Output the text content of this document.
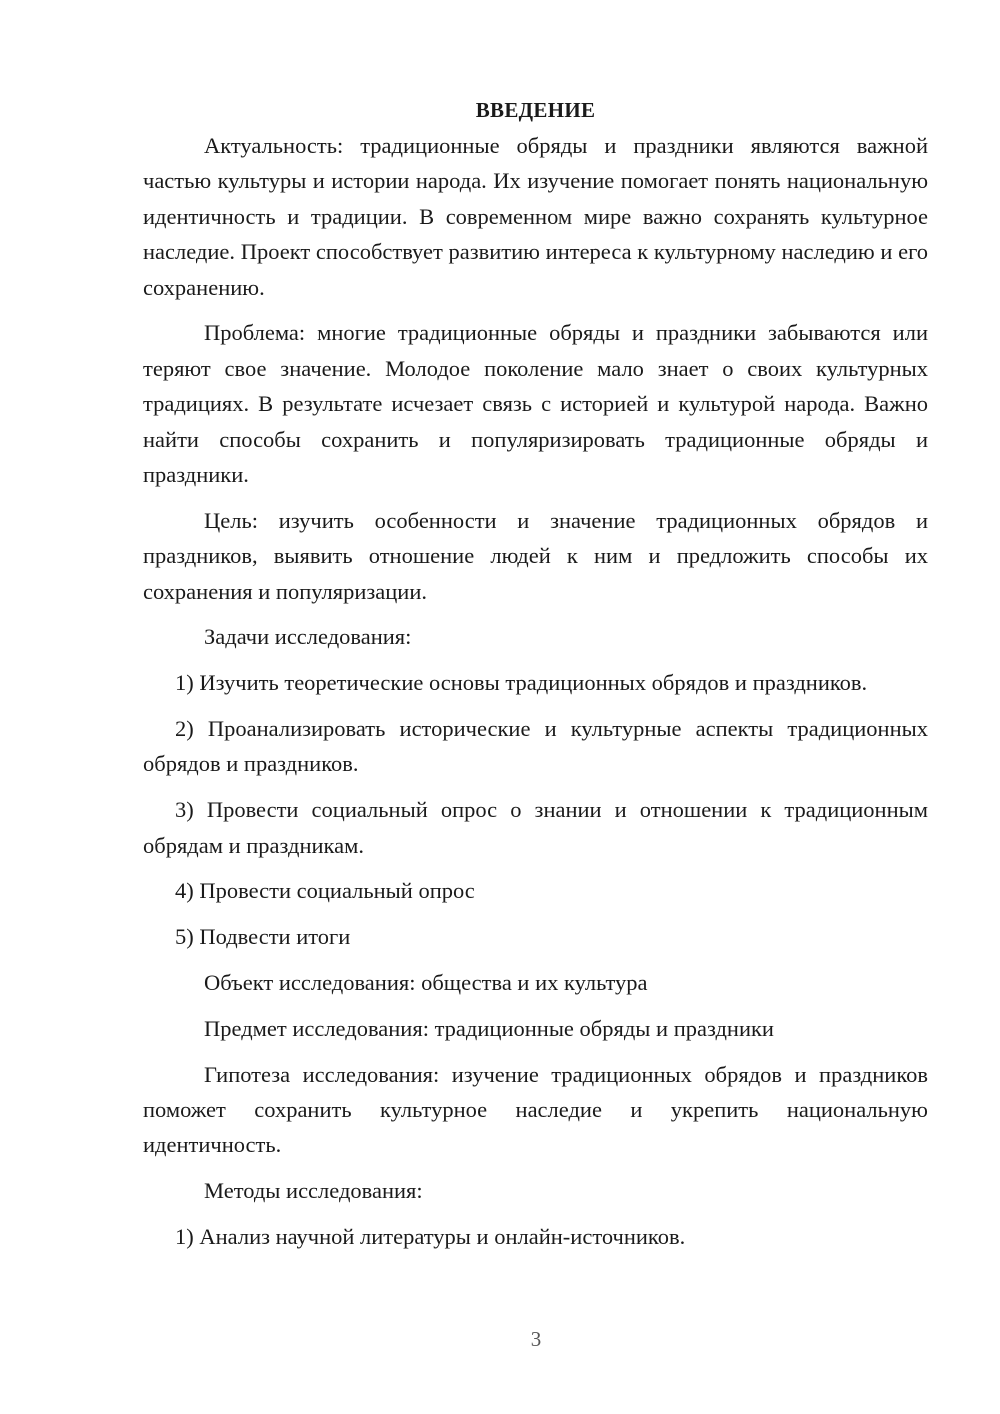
ВВЕДЕНИЕ

Актуальность: традиционные обряды и праздники являются важной частью культуры и истории народа. Их изучение помогает понять национальную идентичность и традиции. В современном мире важно сохранять культурное наследие. Проект способствует развитию интереса к культурному наследию и его сохранению.

Проблема: многие традиционные обряды и праздники забываются или теряют свое значение. Молодое поколение мало знает о своих культурных традициях. В результате исчезает связь с историей и культурой народа. Важно найти способы сохранить и популяризировать традиционные обряды и праздники.

Цель: изучить особенности и значение традиционных обрядов и праздников, выявить отношение людей к ним и предложить способы их сохранения и популяризации.

Задачи исследования:

1) Изучить теоретические основы традиционных обрядов и праздников.

2) Проанализировать исторические и культурные аспекты традиционных обрядов и праздников.

3) Провести социальный опрос о знании и отношении к традиционным обрядам и праздникам.

4) Провести социальный опрос

5) Подвести итоги

Объект исследования: общества и их культура

Предмет исследования: традиционные обряды и праздники

Гипотеза исследования: изучение традиционных обрядов и праздников поможет сохранить культурное наследие и укрепить национальную идентичность.

Методы исследования:

1) Анализ научной литературы и онлайн-источников.

3
